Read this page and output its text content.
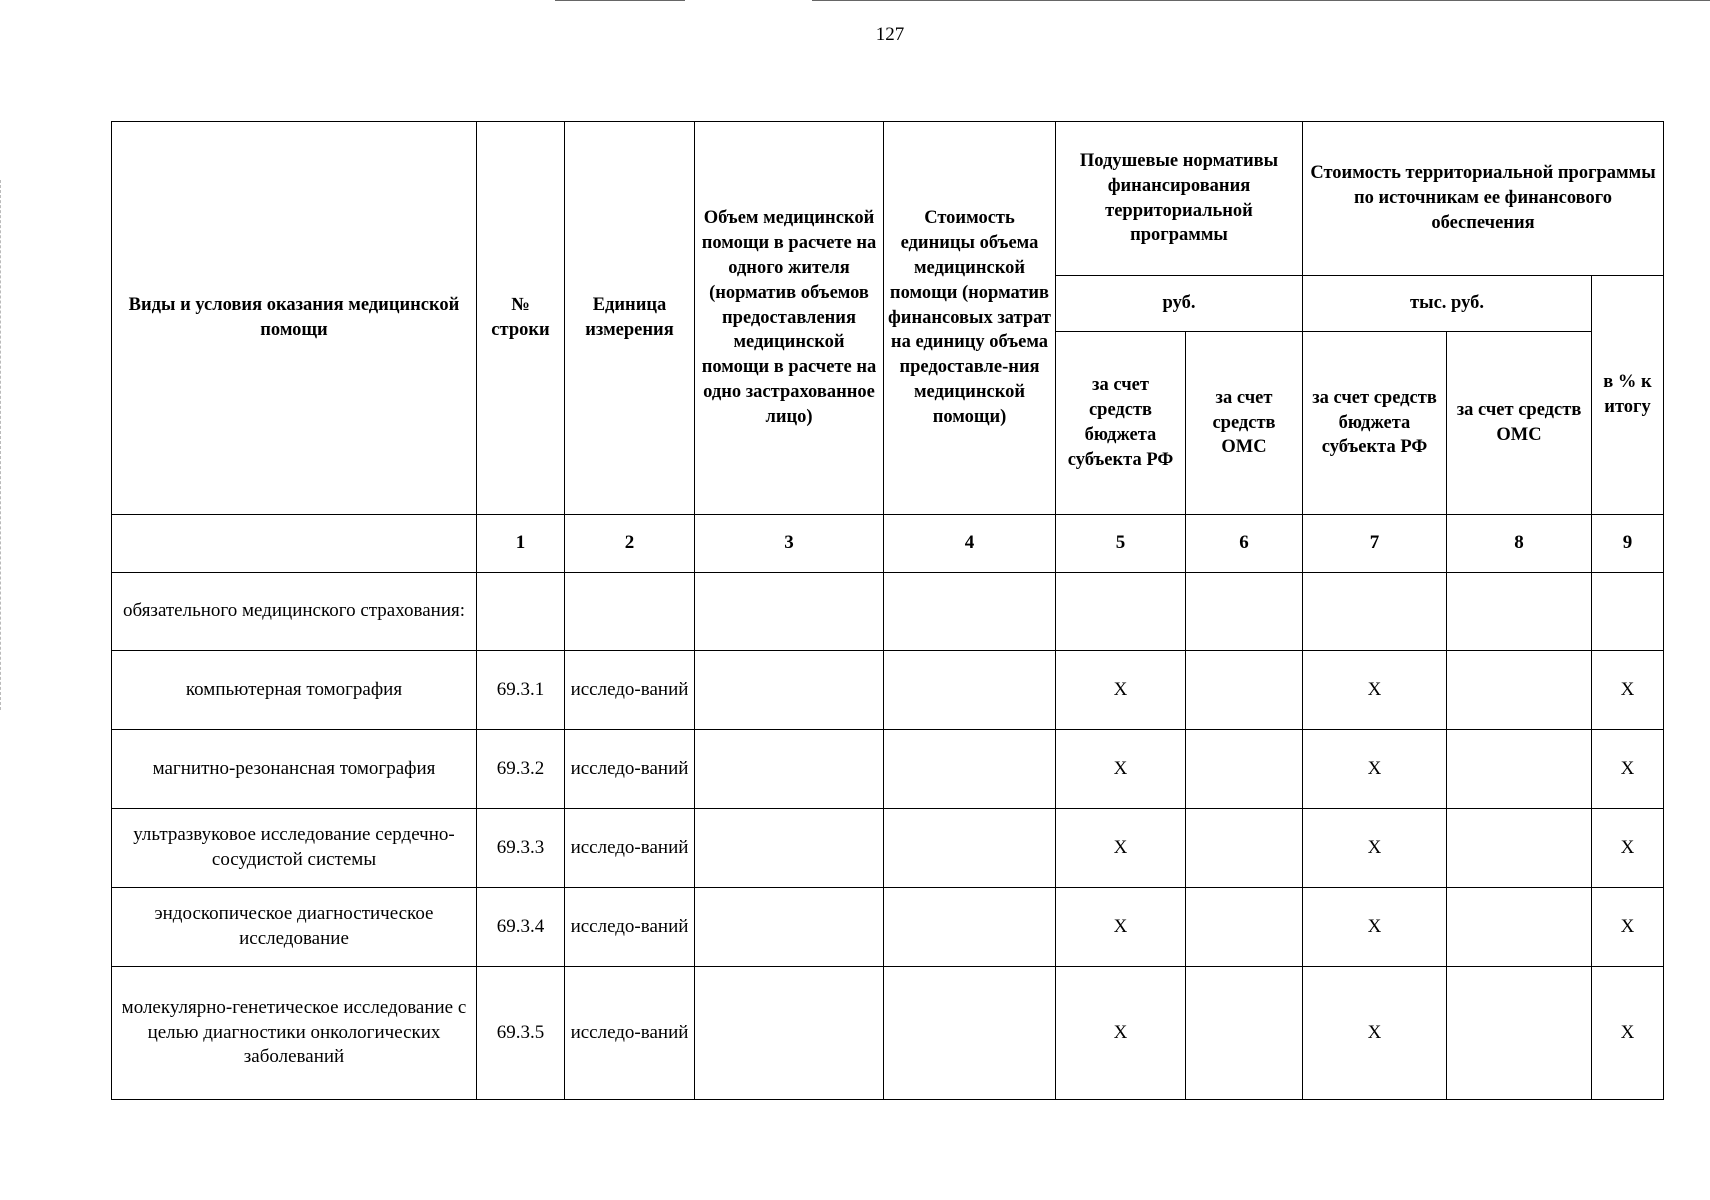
127
Виды и условия оказания медицинской помощи	№ строки	Единица измерения	Объем медицинской помощи в расчете на одного жителя (норматив объемов предоставления медицинской помощи в расчете на одно застрахованное лицо)	Стоимость единицы объема медицинской помощи (норматив финансовых затрат на единицу объема предоставле-ния медицинской помощи)	Подушевые нормативы финансирования территориальной программы		Стоимость территориальной программы по источникам ее финансового обеспечения		
					руб.		тыс. руб.		в % к итогу
					за счет средств бюджета субъекта РФ	за счет средств ОМС	за счет средств бюджета субъекта РФ	за счет средств ОМС	
	1	2	3	4	5	6	7	8	9
обязательного медицинского страхования:									
компьютерная томография	69.3.1	исследо-ваний			X		X		X
магнитно-резонансная томография	69.3.2	исследо-ваний			X		X		X
ультразвуковое исследование сердечно-сосудистой системы	69.3.3	исследо-ваний			X		X		X
эндоскопическое диагностическое исследование	69.3.4	исследо-ваний			X		X		X
молекулярно-генетическое исследование с целью диагностики онкологических заболеваний	69.3.5	исследо-ваний			X		X		X
